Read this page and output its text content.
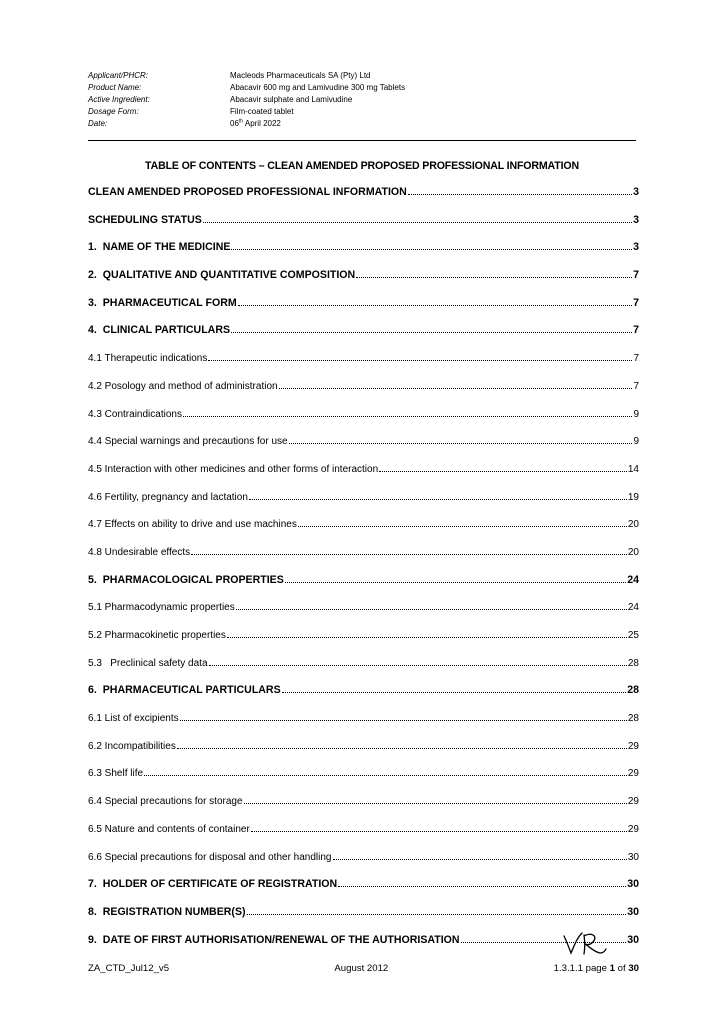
Applicant/PHCR:	Macleods Pharmaceuticals SA (Pty) Ltd
Product Name:	Abacavir 600 mg and Lamivudine 300 mg Tablets
Active Ingredient:	Abacavir sulphate and Lamivudine
Dosage Form:	Film-coated tablet
Date:	06th April 2022
TABLE OF CONTENTS – CLEAN AMENDED PROPOSED PROFESSIONAL INFORMATION
CLEAN AMENDED PROPOSED PROFESSIONAL INFORMATION	3
SCHEDULING STATUS	3
1.  NAME OF THE MEDICINE	3
2.  QUALITATIVE AND QUANTITATIVE COMPOSITION	7
3.  PHARMACEUTICAL FORM	7
4.  CLINICAL PARTICULARS	7
4.1 Therapeutic indications	7
4.2 Posology and method of administration	7
4.3 Contraindications	9
4.4 Special warnings and precautions for use	9
4.5 Interaction with other medicines and other forms of interaction	14
4.6 Fertility, pregnancy and lactation	19
4.7 Effects on ability to drive and use machines	20
4.8 Undesirable effects	20
5.  PHARMACOLOGICAL PROPERTIES	24
5.1 Pharmacodynamic properties	24
5.2 Pharmacokinetic properties	25
5.3   Preclinical safety data	28
6.  PHARMACEUTICAL PARTICULARS	28
6.1 List of excipients	28
6.2 Incompatibilities	29
6.3 Shelf life	29
6.4 Special precautions for storage	29
6.5 Nature and contents of container	29
6.6 Special precautions for disposal and other handling	30
7.  HOLDER OF CERTIFICATE OF REGISTRATION	30
8.  REGISTRATION NUMBER(S)	30
9.  DATE OF FIRST AUTHORISATION/RENEWAL OF THE AUTHORISATION	30
ZA_CTD_Jul12_v5	August 2012	1.3.1.1 page 1 of 30
